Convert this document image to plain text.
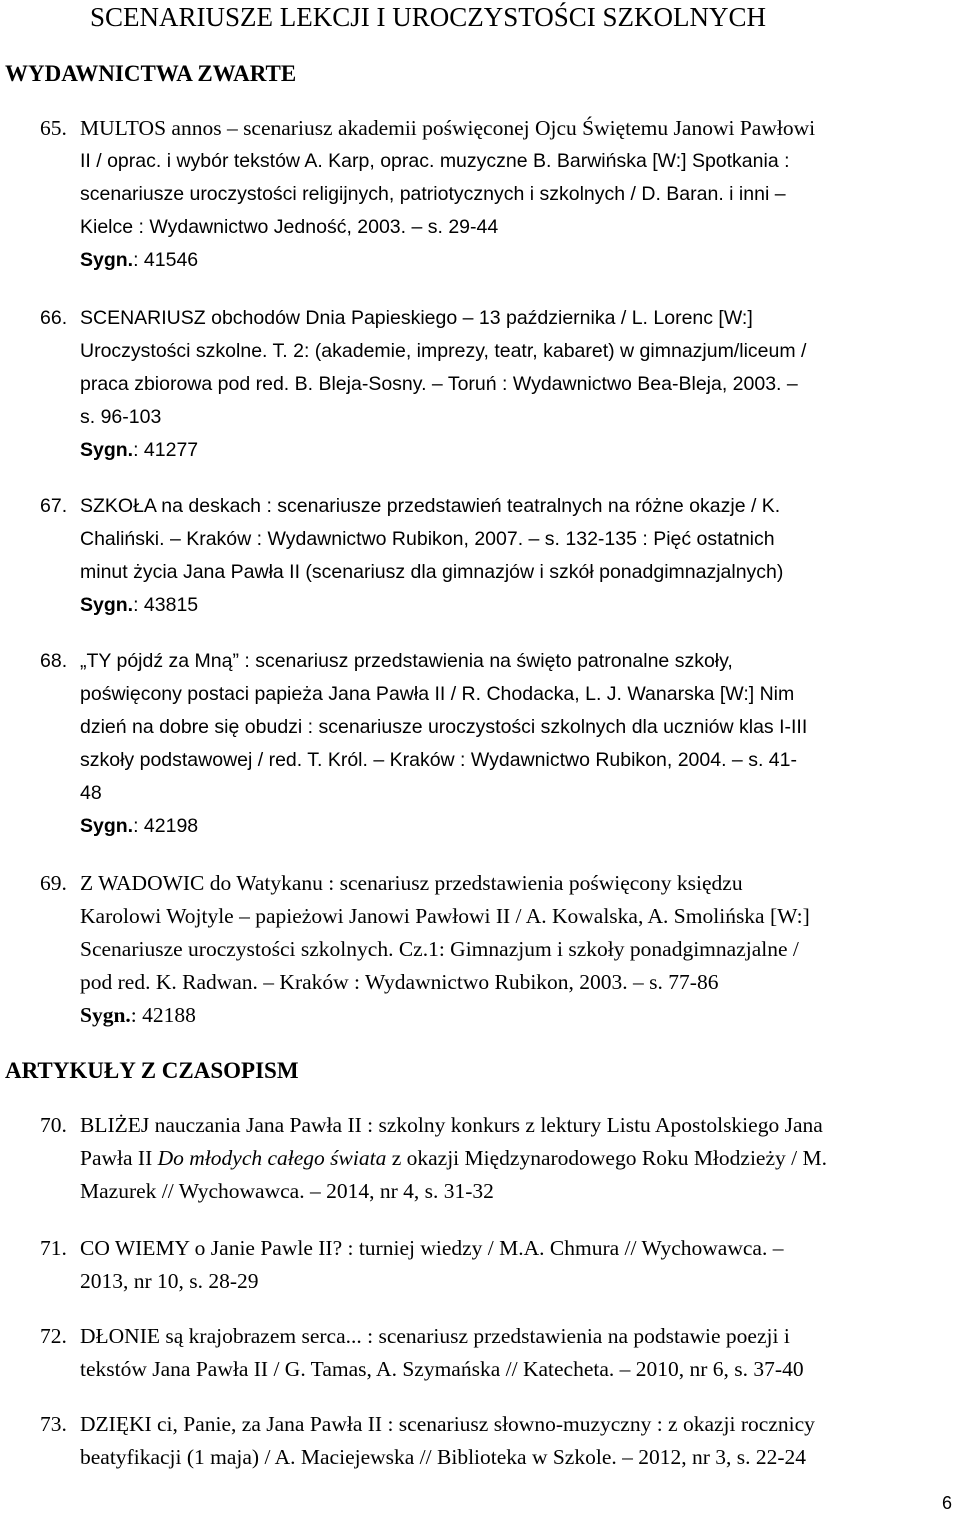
SCENARIUSZE LEKCJI I UROCZYSTOŚCI SZKOLNYCH
WYDAWNICTWA ZWARTE
65. MULTOS annos – scenariusz akademii poświęconej Ojcu Świętemu Janowi Pawłowi
II / oprac. i wybór tekstów A. Karp, oprac. muzyczne B. Barwińska [W:] Spotkania :
scenariusze uroczystości religijnych, patriotycznych i szkolnych / D. Baran. i inni –
Kielce : Wydawnictwo Jedność, 2003. – s. 29-44
Sygn.: 41546
66. SCENARIUSZ obchodów Dnia Papieskiego – 13 października / L. Lorenc [W:]
Uroczystości szkolne. T. 2: (akademie, imprezy, teatr, kabaret) w gimnazjum/liceum /
praca zbiorowa pod red. B. Bleja-Sosny. – Toruń : Wydawnictwo Bea-Bleja, 2003. –
s. 96-103
Sygn.: 41277
67. SZKOŁA na deskach : scenariusze przedstawień teatralnych na różne okazje / K.
Chaliński. – Kraków : Wydawnictwo Rubikon, 2007. – s. 132-135 : Pięć ostatnich
minut życia Jana Pawła II (scenariusz dla gimnazjów i szkół ponadgimnazjalnych)
Sygn.: 43815
68. „TY pójdź za Mną” : scenariusz przedstawienia na święto patronalne szkoły,
poświęcony postaci papieża Jana Pawła II / R. Chodacka, L. J. Wanarska [W:] Nim
dzień na dobre się obudzi : scenariusze uroczystości szkolnych dla uczniów klas I-III
szkoły podstawowej / red. T. Król. – Kraków : Wydawnictwo Rubikon, 2004. – s. 41-
48
Sygn.: 42198
69. Z WADOWIC do Watykanu : scenariusz przedstawienia poświęcony księdzu
Karolowi Wojtyle – papieżowi Janowi Pawłowi II / A. Kowalska, A. Smolińska [W:]
Scenariusze uroczystości szkolnych. Cz.1: Gimnazjum i szkoły ponadgimnazjalne /
pod red. K. Radwan. – Kraków : Wydawnictwo Rubikon, 2003. – s. 77-86
Sygn.: 42188
ARTYKUŁY Z CZASOPISM
70. BLIŻEJ nauczania Jana Pawła II : szkolny konkurs z lektury Listu Apostolskiego Jana
Pawła II Do młodych całego świata z okazji Międzynarodowego Roku Młodzieży / M.
Mazurek // Wychowawca. – 2014, nr 4, s. 31-32
71. CO WIEMY o Janie Pawle II? : turniej wiedzy / M.A. Chmura // Wychowawca. –
2013, nr 10, s. 28-29
72. DŁONIE są krajobrazem serca... : scenariusz przedstawienia na podstawie poezji i
tekstów Jana Pawła II / G. Tamas, A. Szymańska // Katecheta. – 2010, nr 6, s. 37-40
73. DZIĘKI ci, Panie, za Jana Pawła II : scenariusz słowno-muzyczny : z okazji rocznicy
beatyfikacji (1 maja) / A. Maciejewska // Biblioteka w Szkole. – 2012, nr 3, s. 22-24
6
